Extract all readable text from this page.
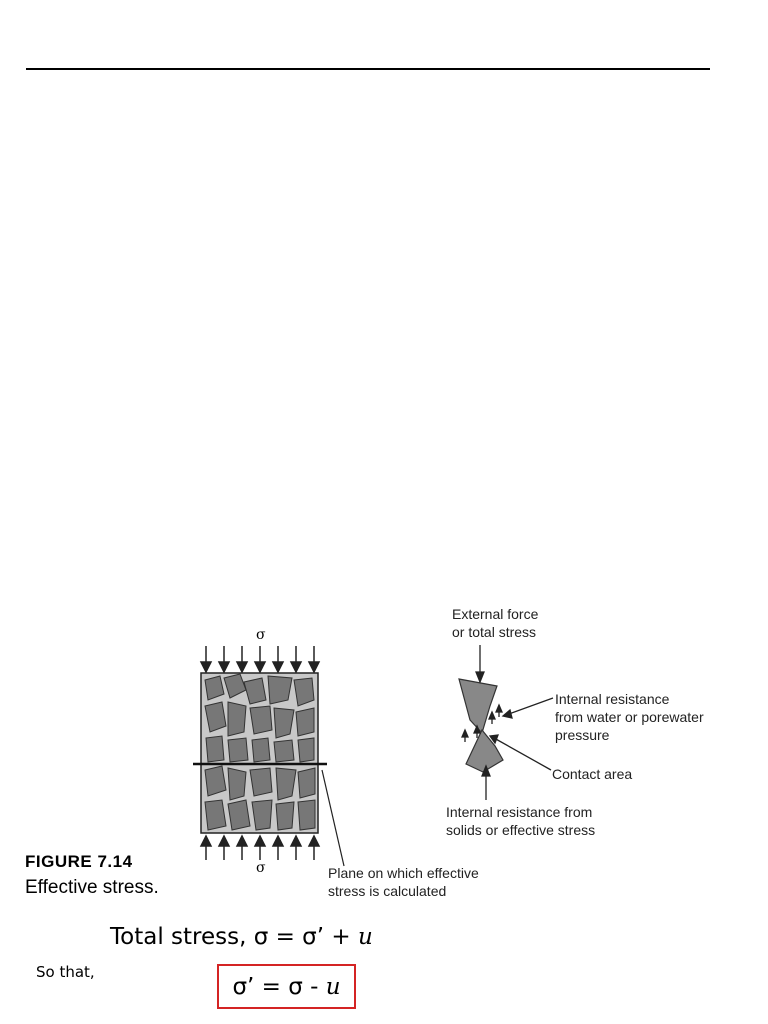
σ
σ
External force
or total stress
Internal resistance
from water or porewater
pressure
Contact area
Internal resistance from
solids or effective stress
Plane on which effective
stress is calculated
FIGURE 7.14
Effective stress.
Total stress, σ = σ’ + u
So that,
σ’ = σ - u
